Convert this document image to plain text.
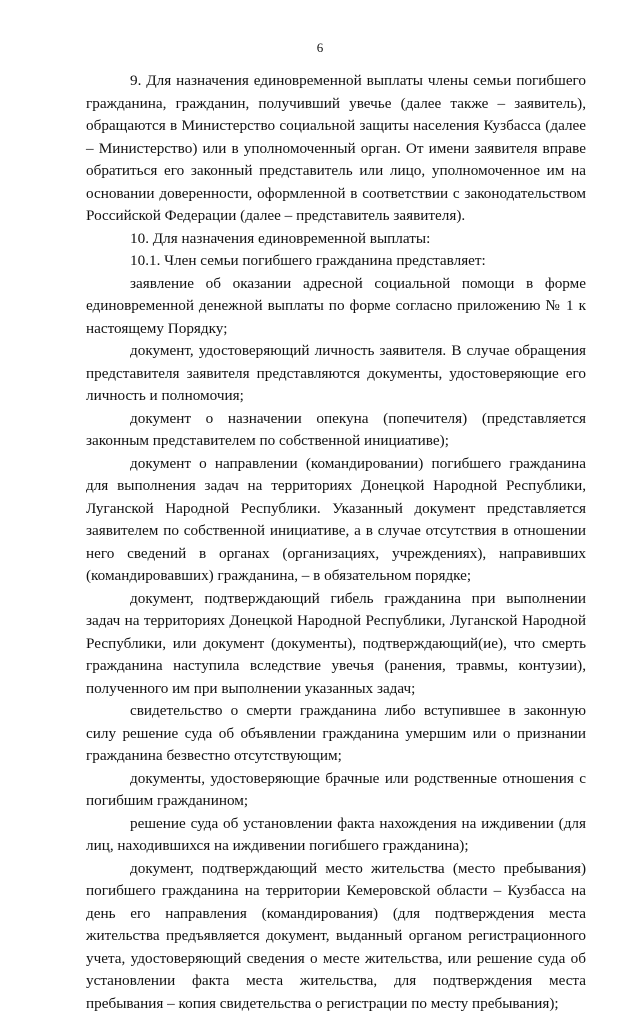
6

9. Для назначения единовременной выплаты члены семьи погибшего гражданина, гражданин, получивший увечье (далее также – заявитель), обращаются в Министерство социальной защиты населения Кузбасса (далее – Министерство) или в уполномоченный орган. От имени заявителя вправе обратиться его законный представитель или лицо, уполномоченное им на основании доверенности, оформленной в соответствии с законодательством Российской Федерации (далее – представитель заявителя).

10. Для назначения единовременной выплаты:

10.1. Член семьи погибшего гражданина представляет:

заявление об оказании адресной социальной помощи в форме единовременной денежной выплаты по форме согласно приложению № 1 к настоящему Порядку;

документ, удостоверяющий личность заявителя. В случае обращения представителя заявителя представляются документы, удостоверяющие его личность и полномочия;

документ о назначении опекуна (попечителя) (представляется законным представителем по собственной инициативе);

документ о направлении (командировании) погибшего гражданина для выполнения задач на территориях Донецкой Народной Республики, Луганской Народной Республики. Указанный документ представляется заявителем по собственной инициативе, а в случае отсутствия в отношении него сведений в органах (организациях, учреждениях), направивших (командировавших) гражданина, – в обязательном порядке;

документ, подтверждающий гибель гражданина при выполнении задач на территориях Донецкой Народной Республики, Луганской Народной Республики, или документ (документы), подтверждающий(ие), что смерть гражданина наступила вследствие увечья (ранения, травмы, контузии), полученного им при выполнении указанных задач;

свидетельство о смерти гражданина либо вступившее в законную силу решение суда об объявлении гражданина умершим или о признании гражданина безвестно отсутствующим;

документы, удостоверяющие брачные или родственные отношения с погибшим гражданином;

решение суда об установлении факта нахождения на иждивении (для лиц, находившихся на иждивении погибшего гражданина);

документ, подтверждающий место жительства (место пребывания) погибшего гражданина на территории Кемеровской области – Кузбасса на день его направления (командирования) (для подтверждения места жительства предъявляется документ, выданный органом регистрационного учета, удостоверяющий сведения о месте жительства, или решение суда об установлении факта места жительства, для подтверждения места пребывания – копия свидетельства о регистрации по месту пребывания);
